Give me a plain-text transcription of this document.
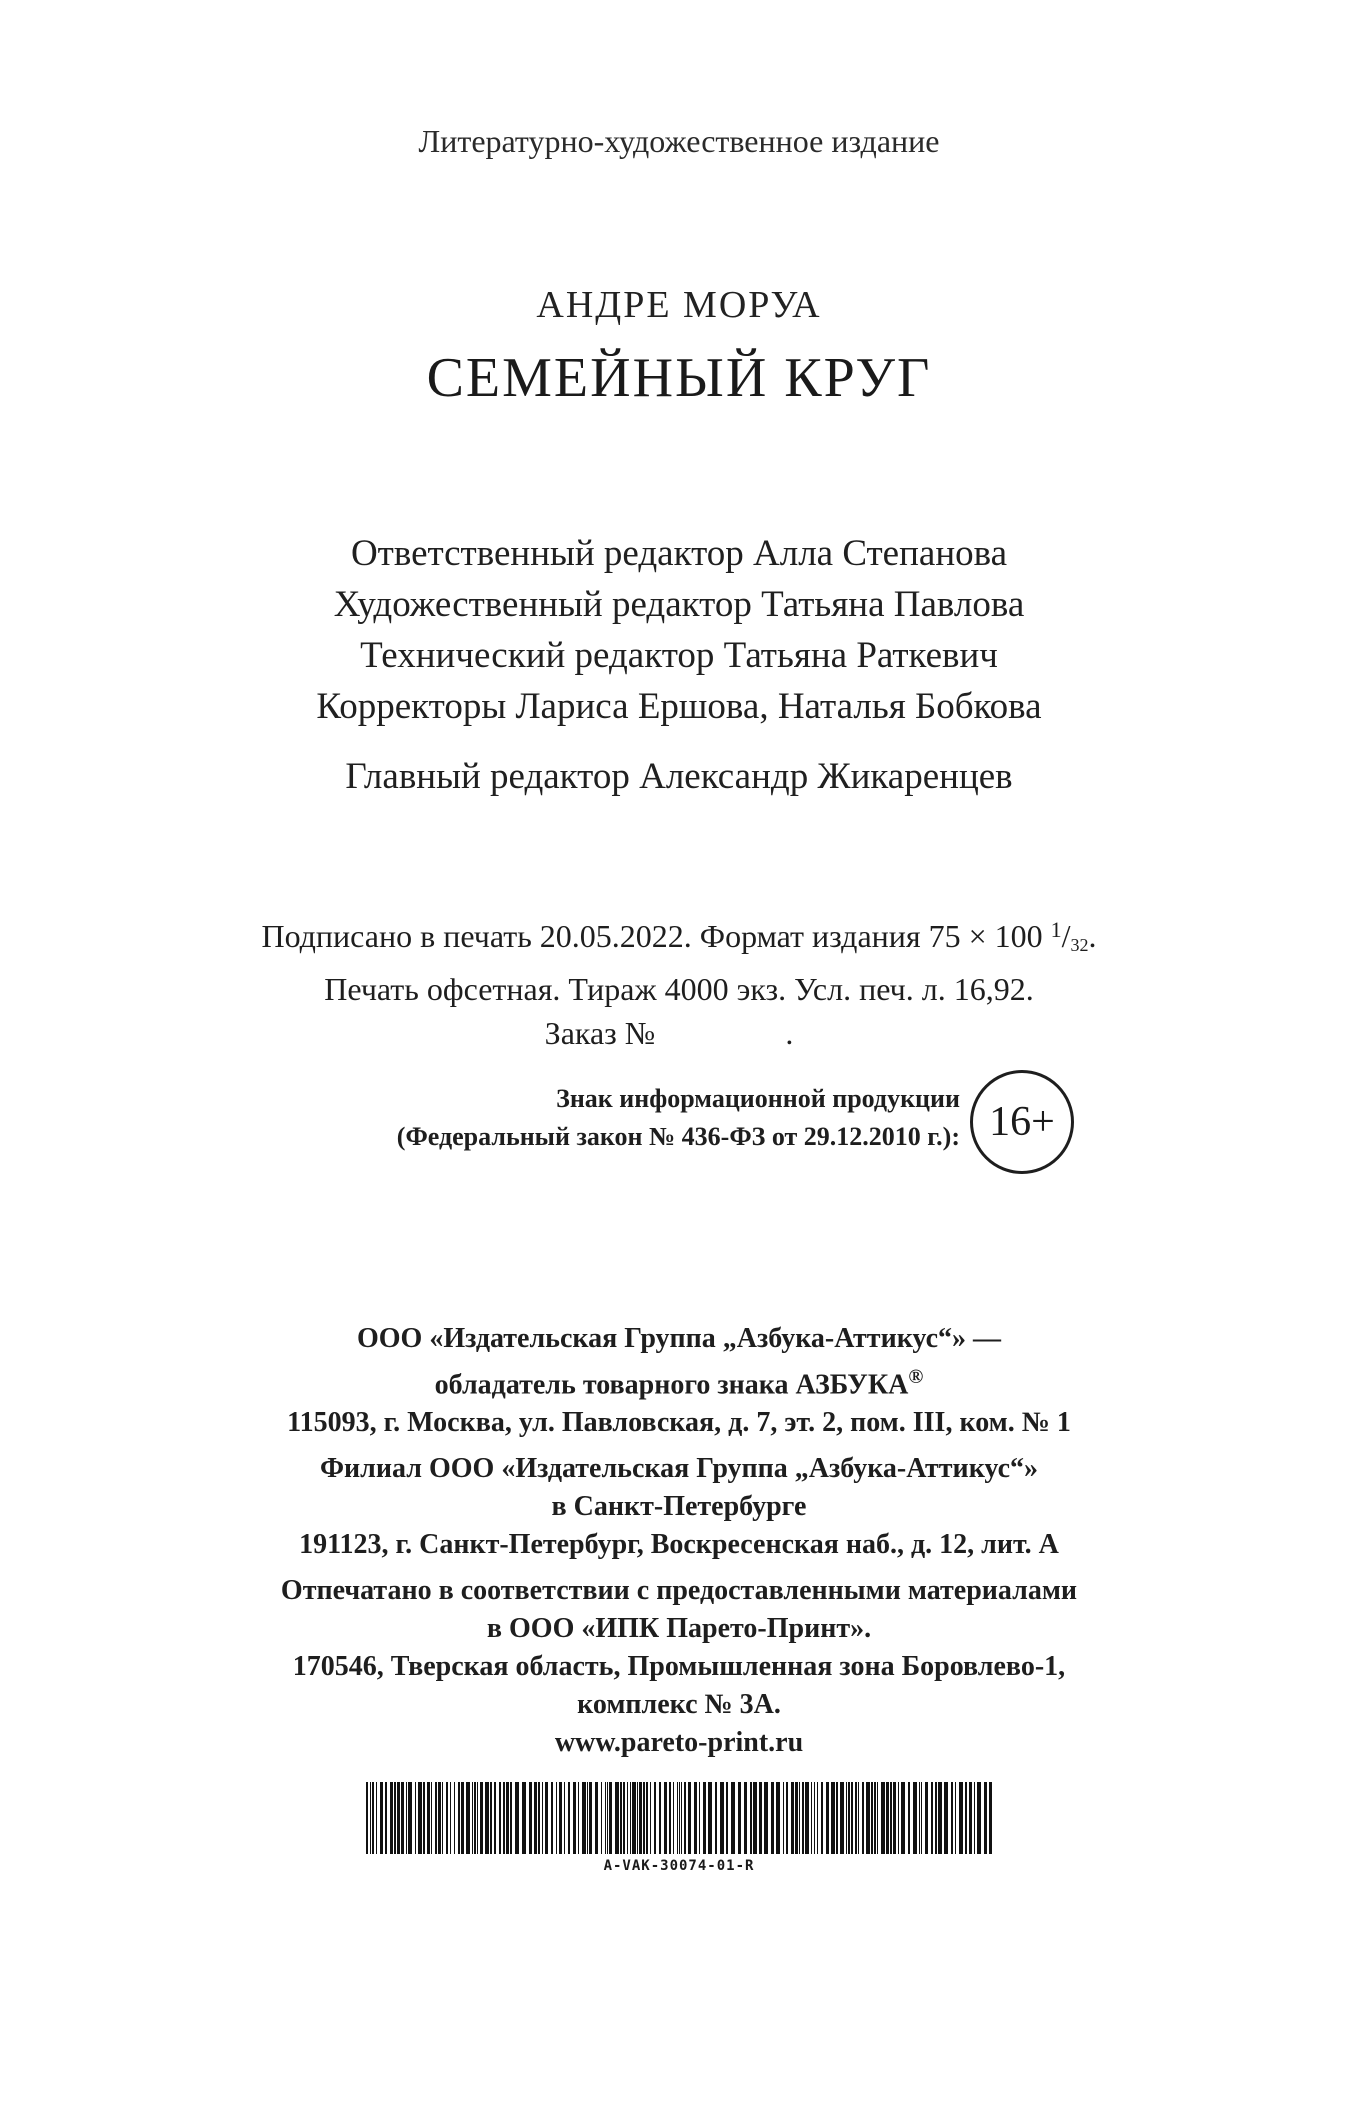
Литературно-художественное издание
АНДРЕ МОРУА
СЕМЕЙНЫЙ КРУГ
Ответственный редактор Алла Степанова
Художественный редактор Татьяна Павлова
Технический редактор Татьяна Раткевич
Корректоры Лариса Ершова, Наталья Бобкова
Главный редактор Александр Жикаренцев
Подписано в печать 20.05.2022. Формат издания 75 × 100 $^1$/32.
Печать офсетная. Тираж 4000 экз. Усл. печ. л. 16,92.
Заказ №	.
Знак информационной продукции
(Федеральный закон № 436-ФЗ от 29.12.2010 г.): 16+
ООО «Издательская Группа „Азбука-Аттикус“» —
обладатель товарного знака АЗБУКА®
115093, г. Москва, ул. Павловская, д. 7, эт. 2, пом. III, ком. № 1
Филиал ООО «Издательская Группа „Азбука-Аттикус“»
в Санкт-Петербурге
191123, г. Санкт-Петербург, Воскресенская наб., д. 12, лит. А
Отпечатано в соответствии с предоставленными материалами
в ООО «ИПК Парето-Принт».
170546, Тверская область, Промышленная зона Боровлево-1,
комплекс № 3А.
www.pareto-print.ru
A-VAK-30074-01-R
